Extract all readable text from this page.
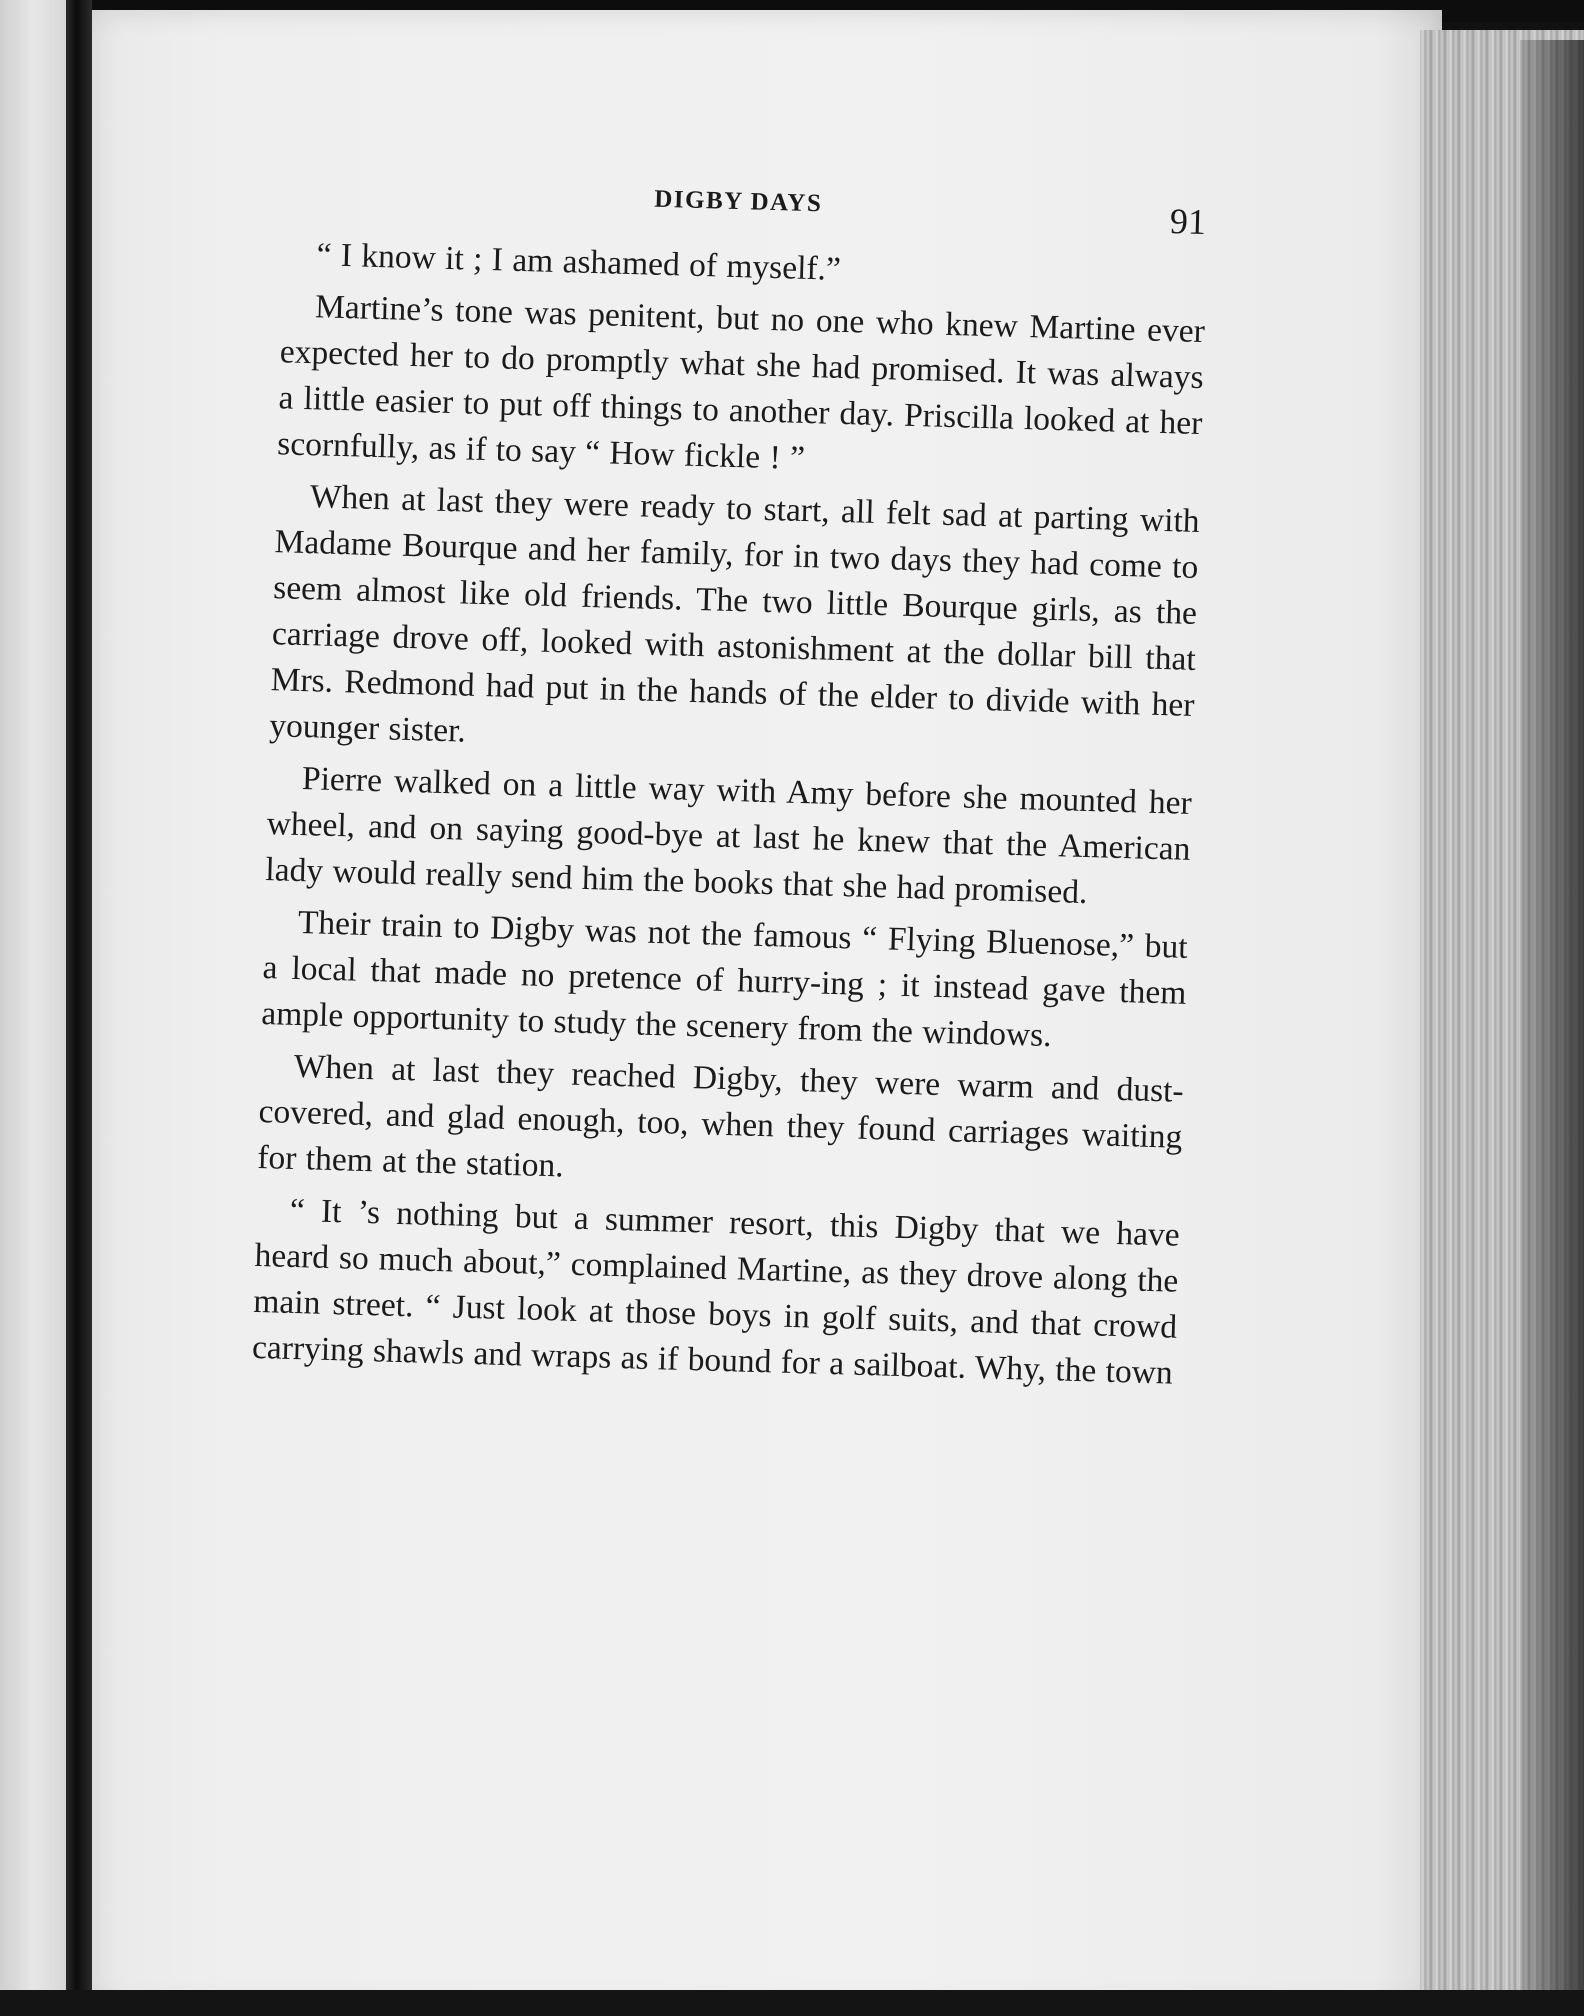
DIGBY DAYS	91

“ I know it ; I am ashamed of myself.”

Martine’s tone was penitent, but no one who knew Martine ever expected her to do promptly what she had promised. It was always a little easier to put off things to another day. Priscilla looked at her scornfully, as if to say “ How fickle ! ”

When at last they were ready to start, all felt sad at parting with Madame Bourque and her family, for in two days they had come to seem almost like old friends. The two little Bourque girls, as the carriage drove off, looked with astonishment at the dollar bill that Mrs. Redmond had put in the hands of the elder to divide with her younger sister.

Pierre walked on a little way with Amy before she mounted her wheel, and on saying good-bye at last he knew that the American lady would really send him the books that she had promised.

Their train to Digby was not the famous “ Flying Bluenose,” but a local that made no pretence of hurry-ing ; it instead gave them ample opportunity to study the scenery from the windows.

When at last they reached Digby, they were warm and dust-covered, and glad enough, too, when they found carriages waiting for them at the station.

“ It ’s nothing but a summer resort, this Digby that we have heard so much about,” complained Martine, as they drove along the main street. “ Just look at those boys in golf suits, and that crowd carrying shawls and wraps as if bound for a sailboat. Why, the town
